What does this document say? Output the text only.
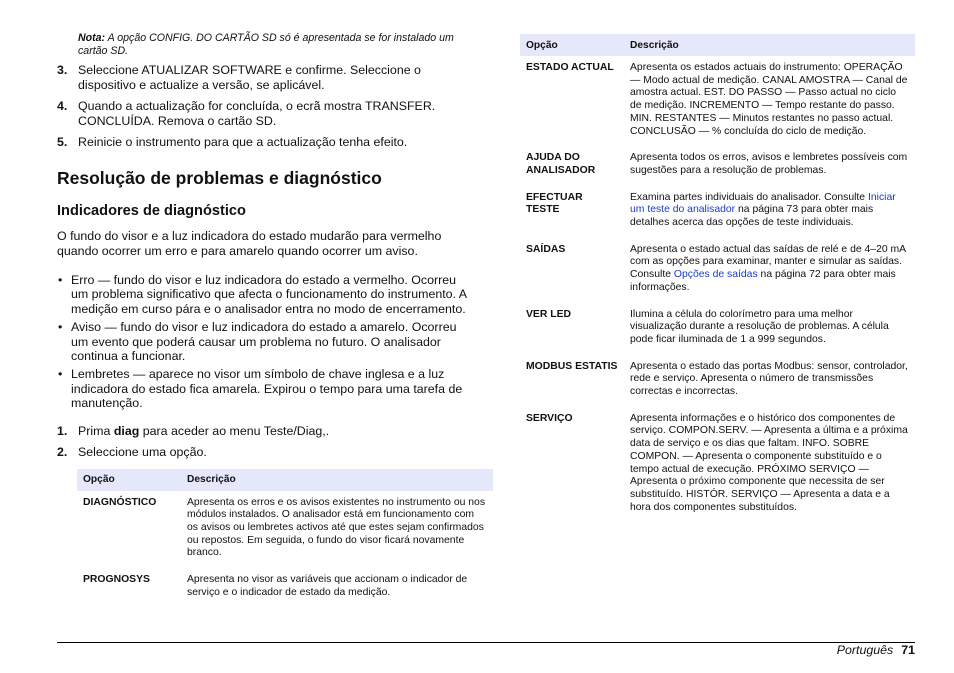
Nota: A opção CONFIG. DO CARTÃO SD só é apresentada se for instalado um cartão SD.
3. Seleccione ATUALIZAR SOFTWARE e confirme. Seleccione o dispositivo e actualize a versão, se aplicável.
4. Quando a actualização for concluída, o ecrã mostra TRANSFER. CONCLUÍDA. Remova o cartão SD.
5. Reinicie o instrumento para que a actualização tenha efeito.
Resolução de problemas e diagnóstico
Indicadores de diagnóstico
O fundo do visor e a luz indicadora do estado mudarão para vermelho quando ocorrer um erro e para amarelo quando ocorrer um aviso.
• Erro — fundo do visor e luz indicadora do estado a vermelho. Ocorreu um problema significativo que afecta o funcionamento do instrumento. A medição em curso pára e o analisador entra no modo de encerramento.
• Aviso — fundo do visor e luz indicadora do estado a amarelo. Ocorreu um evento que poderá causar um problema no futuro. O analisador continua a funcionar.
• Lembretes — aparece no visor um símbolo de chave inglesa e a luz indicadora do estado fica amarela. Expirou o tempo para uma tarefa de manutenção.
1. Prima diag para aceder ao menu Teste/Diag,.
2. Seleccione uma opção.
Opção	Descrição
DIAGNÓSTICO	Apresenta os erros e os avisos existentes no instrumento ou nos módulos instalados. O analisador está em funcionamento com os avisos ou lembretes activos até que estes sejam confirmados ou repostos. Em seguida, o fundo do visor ficará novamente branco.
PROGNOSYS	Apresenta no visor as variáveis que accionam o indicador de serviço e o indicador de estado da medição.
Opção	Descrição
ESTADO ACTUAL	Apresenta os estados actuais do instrumento: OPERAÇÃO — Modo actual de medição. CANAL AMOSTRA — Canal de amostra actual. EST. DO PASSO — Passo actual no ciclo de medição. INCREMENTO — Tempo restante do passo. MIN. RESTANTES — Minutos restantes no passo actual. CONCLUSÃO — % concluída do ciclo de medição.
AJUDA DO ANALISADOR	Apresenta todos os erros, avisos e lembretes possíveis com sugestões para a resolução de problemas.
EFECTUAR TESTE	Examina partes individuais do analisador. Consulte Iniciar um teste do analisador na página 73 para obter mais detalhes acerca das opções de teste individuais.
SAÍDAS	Apresenta o estado actual das saídas de relé e de 4–20 mA com as opções para examinar, manter e simular as saídas. Consulte Opções de saídas na página 72 para obter mais informações.
VER LED	Ilumina a célula do colorímetro para uma melhor visualização durante a resolução de problemas. A célula pode ficar iluminada de 1 a 999 segundos.
MODBUS ESTATIS	Apresenta o estado das portas Modbus: sensor, controlador, rede e serviço. Apresenta o número de transmissões correctas e incorrectas.
SERVIÇO	Apresenta informações e o histórico dos componentes de serviço. COMPON.SERV. — Apresenta a última e a próxima data de serviço e os dias que faltam. INFO. SOBRE COMPON. — Apresenta o componente substituído e o tempo actual de execução. PRÓXIMO SERVIÇO — Apresenta o próximo componente que necessita de ser substituído. HISTÓR. SERVIÇO — Apresenta a data e a hora dos componentes substituídos.
Português 71
